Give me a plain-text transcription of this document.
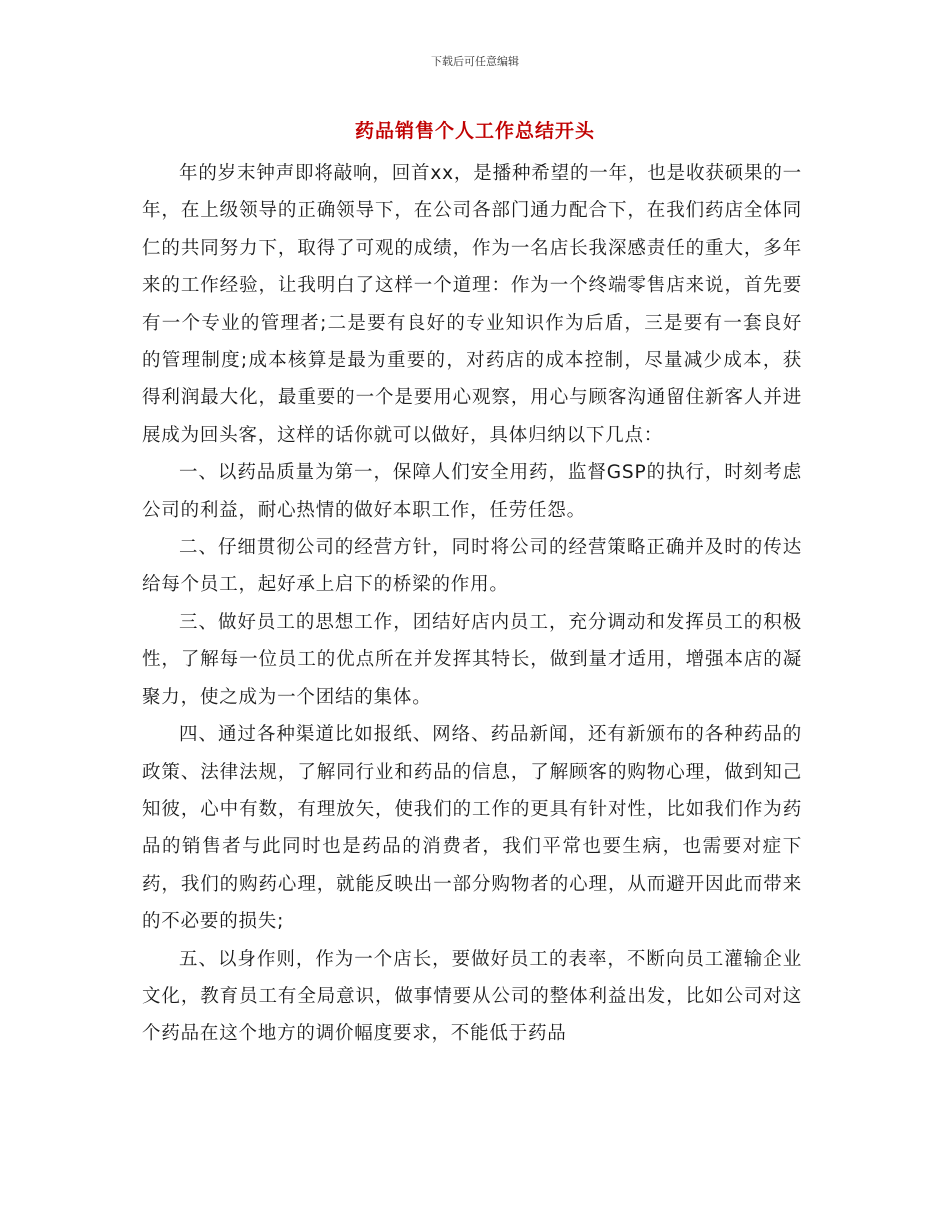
下载后可任意编辑
药品销售个人工作总结开头

年的岁末钟声即将敲响，回首xx，是播种希望的一年，也是收获硕果的一年，在上级领导的正确领导下，在公司各部门通力配合下，在我们药店全体同仁的共同努力下，取得了可观的成绩，作为一名店长我深感责任的重大，多年来的工作经验，让我明白了这样一个道理：作为一个终端零售店来说，首先要有一个专业的管理者;二是要有良好的专业知识作为后盾，三是要有一套良好的管理制度;成本核算是最为重要的，对药店的成本控制，尽量减少成本，获得利润最大化，最重要的一个是要用心观察，用心与顾客沟通留住新客人并进展成为回头客，这样的话你就可以做好，具体归纳以下几点：

一、以药品质量为第一，保障人们安全用药，监督GSP的执行，时刻考虑公司的利益，耐心热情的做好本职工作，任劳任怨。

二、仔细贯彻公司的经营方针，同时将公司的经营策略正确并及时的传达给每个员工，起好承上启下的桥梁的作用。

三、做好员工的思想工作，团结好店内员工，充分调动和发挥员工的积极性，了解每一位员工的优点所在并发挥其特长，做到量才适用，增强本店的凝聚力，使之成为一个团结的集体。

四、通过各种渠道比如报纸、网络、药品新闻，还有新颁布的各种药品的政策、法律法规，了解同行业和药品的信息，了解顾客的购物心理，做到知己知彼，心中有数，有理放矢，使我们的工作的更具有针对性，比如我们作为药品的销售者与此同时也是药品的消费者，我们平常也要生病，也需要对症下药，我们的购药心理，就能反映出一部分购物者的心理，从而避开因此而带来的不必要的损失;

五、以身作则，作为一个店长，要做好员工的表率，不断向员工灌输企业文化，教育员工有全局意识，做事情要从公司的整体利益出发，比如公司对这个药品在这个地方的调价幅度要求，不能低于药品
